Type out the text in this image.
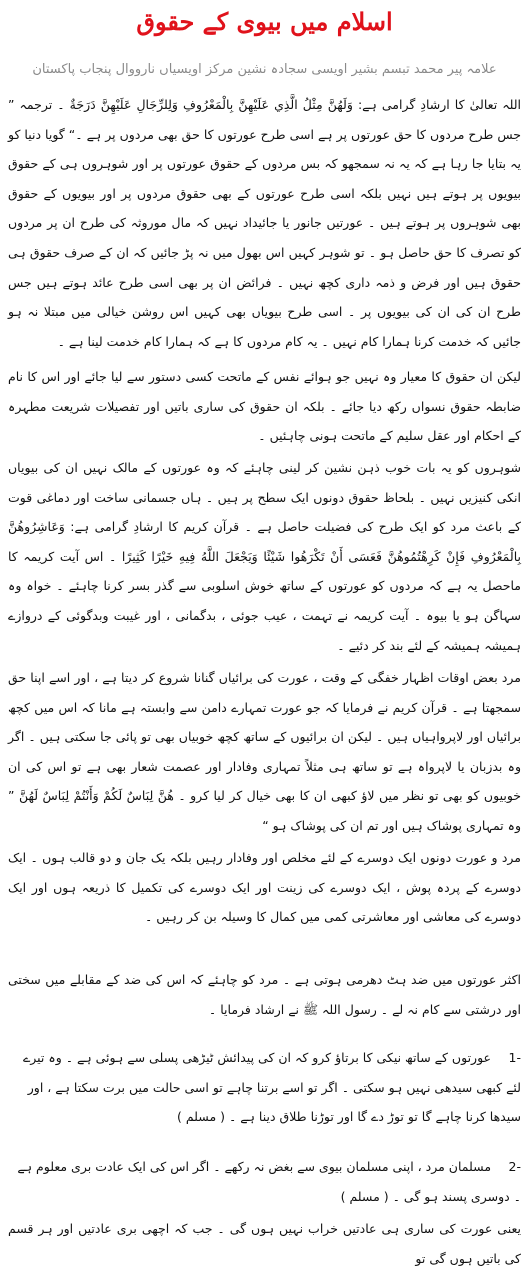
اسلام میں بیوی کے حقوق
علامہ پیر محمد تبسم بشیر اویسی سجادہ نشین مرکز اویسیاں نارووال پنجاب پاکستان
اللہ تعالیٰ کا ارشادِ گرامی ہے: وَلَهُنَّ مِثْلُ الَّذِي عَلَيْهِنَّ بِالْمَعْرُوفِ وَلِلرِّجَالِ عَلَيْهِنَّ دَرَجَةٌ ۔ ترجمہ ” جس طرح مردوں کا حق عورتوں پر ہے اسی طرح عورتوں کا حق بھی مردوں پر ہے ۔“ گویا دنیا کو یہ بتایا جا رہا ہے کہ یہ نہ سمجھو کہ بس مردوں کے حقوق عورتوں پر اور شوہروں ہی کے حقوق بیویوں پر ہوتے ہیں نہیں بلکہ اسی طرح عورتوں کے بھی حقوق مردوں پر اور بیویوں کے حقوق بھی شوہروں پر ہوتے ہیں ۔ عورتیں جانور یا جائیداد نہیں کہ مال موروثہ کی طرح ان پر مردوں کو تصرف کا حق حاصل ہو ۔ تو شوہر کہیں اس بھول میں نہ پڑ جائیں کہ ان کے صرف حقوق ہی حقوق ہیں اور فرض و ذمہ داری کچھ نہیں ۔ فرائض ان پر بھی اسی طرح عائد ہوتے ہیں جس طرح ان کی ان کی بیویوں پر ۔ اسی طرح بیویاں بھی کہیں اس روشن خیالی میں مبتلا نہ ہو جائیں کہ خدمت کرنا ہمارا کام نہیں ۔ یہ کام مردوں کا ہے کہ ہمارا کام خدمت لینا ہے ۔
لیکن ان حقوق کا معیار وہ نہیں جو ہوائے نفس کے ماتحت کسی دستور سے لیا جائے اور اس کا نام ضابطہ حقوق نسواں رکھ دیا جائے ۔ بلکہ ان حقوق کی ساری باتیں اور تفصیلات شریعت مطہرہ کے احکام اور عقل سلیم کے ماتحت ہونی چاہئیں ۔
شوہروں کو یہ بات خوب ذہن نشین کر لینی چاہئے کہ وہ عورتوں کے مالک نہیں ان کی بیویاں انکی کنیزیں نہیں ۔ بلحاظ حقوق دونوں ایک سطح پر ہیں ۔ ہاں جسمانی ساخت اور دماغی قوت کے باعث مرد کو ایک طرح کی فضیلت حاصل ہے ۔ قرآن کریم کا ارشادِ گرامی ہے: وَعَاشِرُوهُنَّ بِالْمَعْرُوفِ فَإِنْ كَرِهْتُمُوهُنَّ فَعَسَى أَنْ تَكْرَهُوا شَيْئًا وَيَجْعَلَ اللَّهُ فِيهِ خَيْرًا كَثِيرًا ۔ اس آیت کریمہ کا ماحصل یہ ہے کہ مردوں کو عورتوں کے ساتھ خوش اسلوبی سے گذر بسر کرنا چاہئے ۔ خواہ وہ سہاگن ہو یا بیوہ ۔ آیت کریمہ نے تہمت ، عیب جوئی ، بدگمانی ، اور غیبت وبدگوئی کے دروازے ہمیشہ ہمیشہ کے لئے بند کر دئیے ۔
مرد بعض اوقات اظہار خفگی کے وقت ، عورت کی برائیاں گنانا شروع کر دیتا ہے ، اور اسے اپنا حق سمجھتا ہے ۔ قرآن کریم نے فرمایا کہ جو عورت تمہارے دامن سے وابستہ ہے مانا کہ اس میں کچھ برائیاں اور لاپرواہیاں ہیں ۔ لیکن ان برائیوں کے ساتھ کچھ خوبیاں بھی تو پائی جا سکتی ہیں ۔ اگر وہ بدزبان یا لاپرواہ ہے تو ساتھ ہی مثلاً تمہاری وفادار اور عصمت شعار بھی ہے تو اس کی ان خوبیوں کو بھی تو نظر میں لاؤ کبھی ان کا بھی خیال کر لیا کرو ۔ هُنَّ لِبَاسٌ لَكُمْ وَأَنْتُمْ لِبَاسٌ لَهُنَّ ” وہ تمہاری پوشاک ہیں اور تم ان کی پوشاک ہو “
مرد و عورت دونوں ایک دوسرے کے لئے مخلص اور وفادار رہیں بلکہ یک جان و دو قالب ہوں ۔ ایک دوسرے کے پردہ پوش ، ایک دوسرے کی زینت اور ایک دوسرے کی تکمیل کا ذریعہ ہوں اور ایک دوسرے کی معاشی اور معاشرتی کمی میں کمال کا وسیلہ بن کر رہیں ۔
اکثر عورتوں میں ضد ہٹ دھرمی ہوتی ہے ۔ مرد کو چاہئے کہ اس کی ضد کے مقابلے میں سختی اور درشتی سے کام نہ لے ۔ رسول اللہ ﷺ نے ارشاد فرمایا ۔
1- عورتوں کے ساتھ نیکی کا برتاؤ کرو کہ ان کی پیدائش ٹیڑھی پسلی سے ہوئی ہے ۔ وہ تیرے لئے کبھی سیدھی نہیں ہو سکتی ۔ اگر تو اسے برتنا چاہے تو اسی حالت میں برت سکتا ہے ، اور سیدھا کرنا چاہے گا تو توڑ دے گا اور توڑنا طلاق دینا ہے ۔ ( مسلم )
2- مسلمان مرد ، اپنی مسلمان بیوی سے بغض نہ رکھے ۔ اگر اس کی ایک عادت بری معلوم ہے ۔ دوسری پسند ہو گی ۔ ( مسلم )
یعنی عورت کی ساری ہی عادتیں خراب نہیں ہوں گی ۔ جب کہ اچھی بری عادتیں اور ہر قسم کی باتیں ہوں گی تو
